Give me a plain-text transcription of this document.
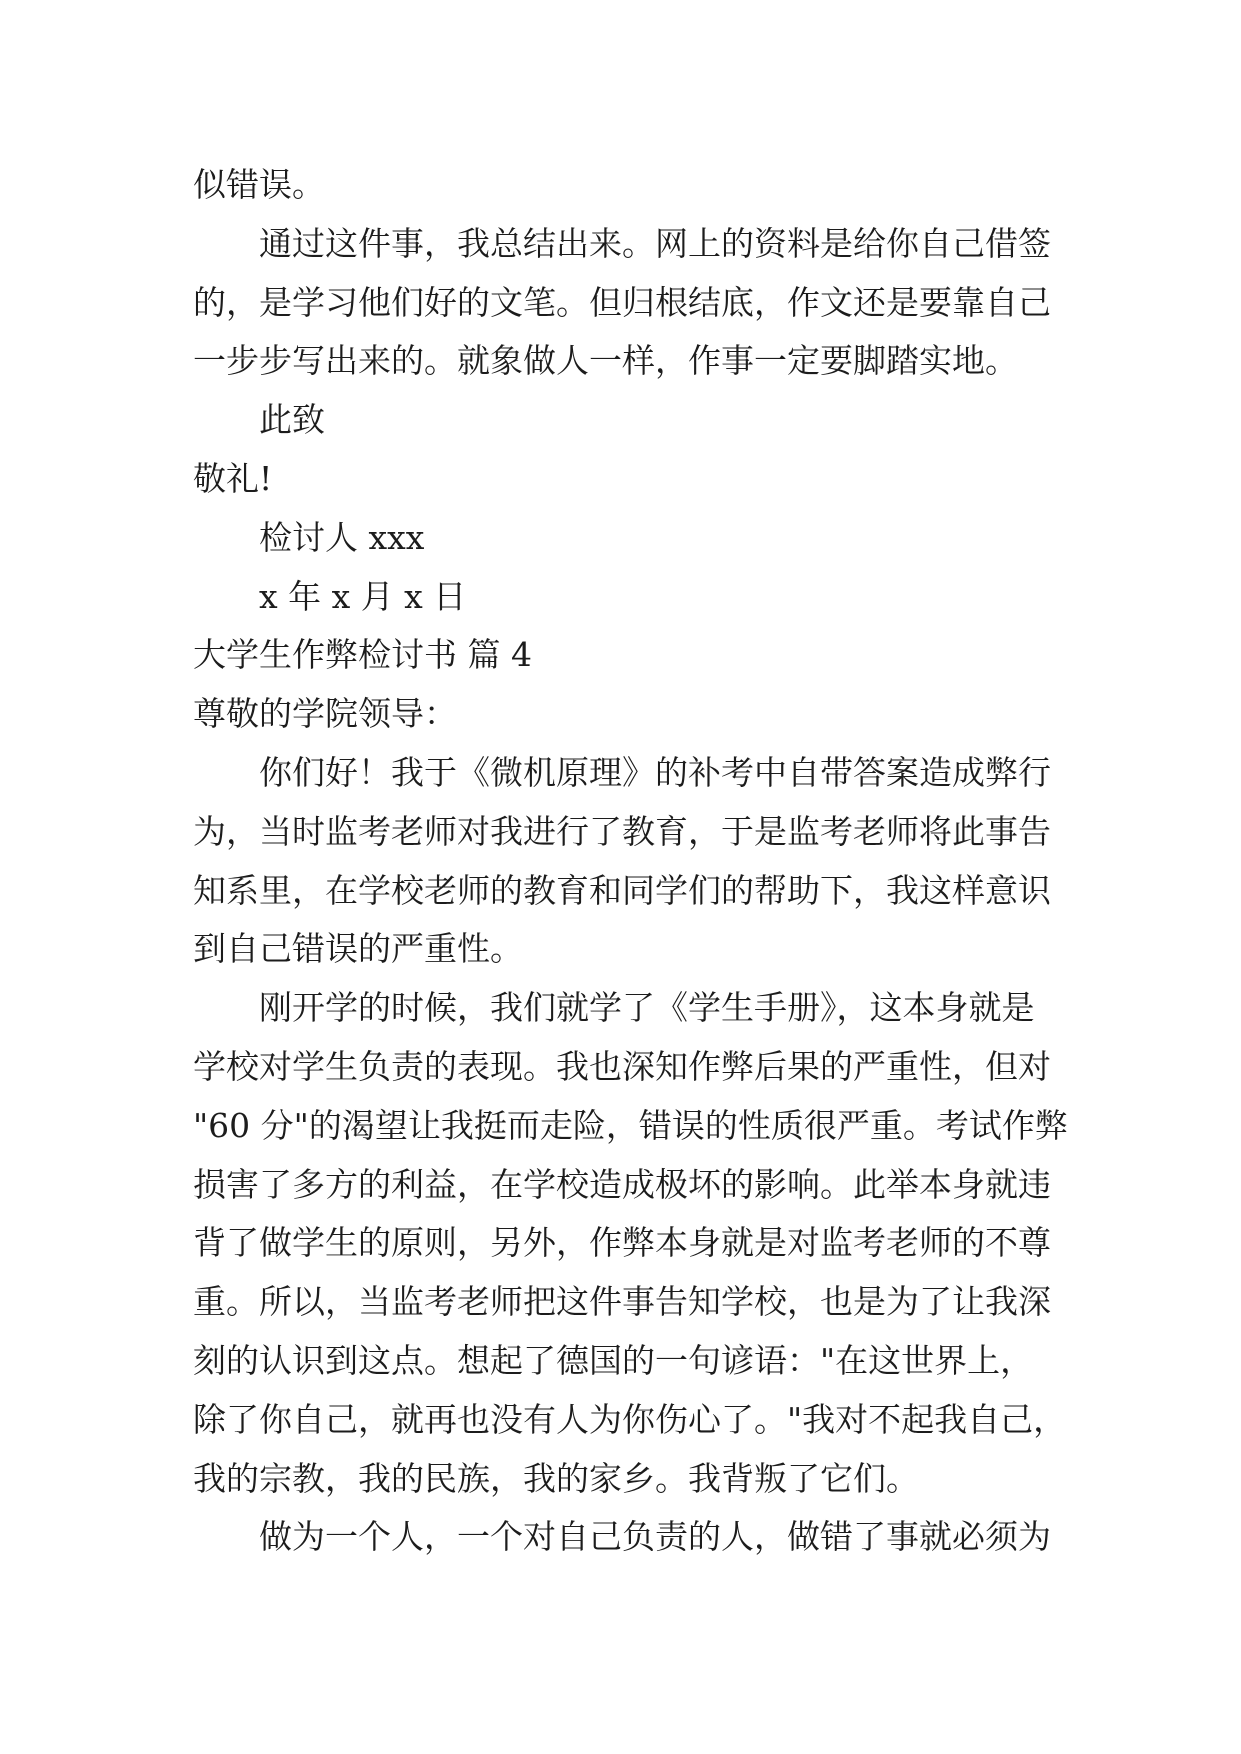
似错误。
通过这件事，我总结出来。网上的资料是给你自己借签
的，是学习他们好的文笔。但归根结底，作文还是要靠自己
一步步写出来的。就象做人一样，作事一定要脚踏实地。
此致
敬礼!
检讨人 xxx
x 年 x 月 x 日
大学生作弊检讨书 篇 4
尊敬的学院领导：
你们好！我于《微机原理》的补考中自带答案造成弊行
为，当时监考老师对我进行了教育，于是监考老师将此事告
知系里，在学校老师的教育和同学们的帮助下，我这样意识
到自己错误的严重性。
刚开学的时候，我们就学了《学生手册》，这本身就是
学校对学生负责的表现。我也深知作弊后果的严重性，但对
"60 分"的渴望让我挺而走险，错误的性质很严重。考试作弊
损害了多方的利益，在学校造成极坏的影响。此举本身就违
背了做学生的原则，另外，作弊本身就是对监考老师的不尊
重。所以，当监考老师把这件事告知学校，也是为了让我深
刻的认识到这点。想起了德国的一句谚语："在这世界上，
除了你自己，就再也没有人为你伤心了。"我对不起我自己，
我的宗教，我的民族，我的家乡。我背叛了它们。
做为一个人，一个对自己负责的人，做错了事就必须为
